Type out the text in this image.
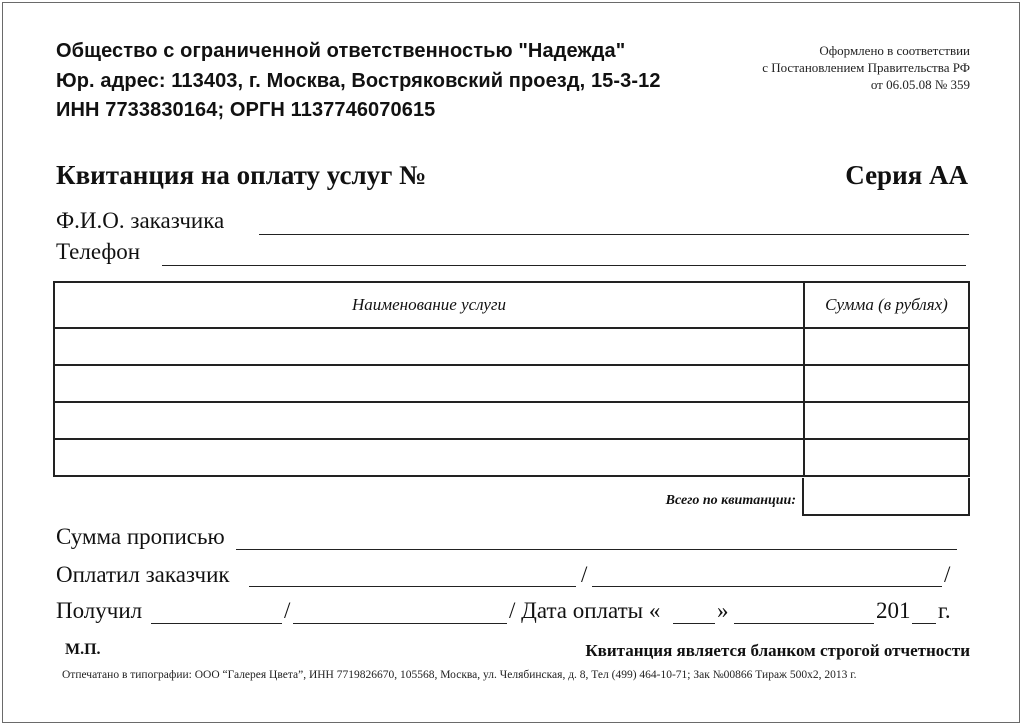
Общество с ограниченной ответственностью "Надежда"
Юр. адрес: 113403, г. Москва, Востряковский проезд, 15-3-12
ИНН 7733830164; ОРГН 1137746070615
Оформлено в соответствии
с Постановлением Правительства РФ
от 06.05.08 № 359
Квитанция на оплату услуг №	Серия АА
Ф.И.О. заказчика
Телефон
Наименование услуги	Сумма (в рублях)

Всего по квитанции:
Сумма прописью
Оплатил заказчик	/	/
Получил	/	/ Дата оплаты « »	201 г.
М.П.	Квитанция является бланком строгой отчетности
Отпечатано в типографии: ООО “Галерея Цвета”, ИНН 7719826670, 105568, Москва, ул. Челябинская, д. 8, Тел (499) 464-10-71; Зак №00866 Тираж 500х2, 2013 г.
